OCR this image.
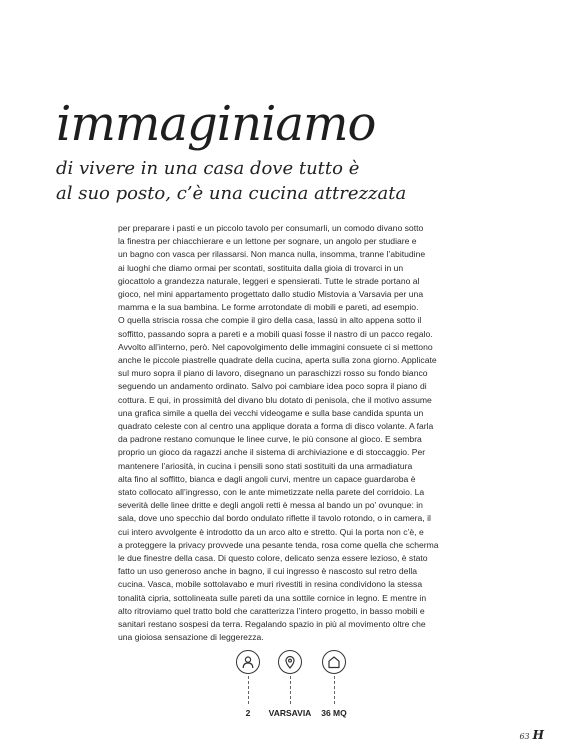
immaginiamo
di vivere in una casa dove tutto è
al suo posto, c’è una cucina attrezzata
per preparare i pasti e un piccolo tavolo per consumarli, un comodo divano sotto
la finestra per chiacchierare e un lettone per sognare, un angolo per studiare e
un bagno con vasca per rilassarsi. Non manca nulla, insomma, tranne l’abitudine
ai luoghi che diamo ormai per scontati, sostituita dalla gioia di trovarci in un
giocattolo a grandezza naturale, leggeri e spensierati. Tutte le strade portano al
gioco, nel mini appartamento progettato dallo studio Mistovia a Varsavia per una
mamma e la sua bambina. Le forme arrotondate di mobili e pareti, ad esempio.
O quella striscia rossa che compie il giro della casa, lassù in alto appena sotto il
soffitto, passando sopra a pareti e a mobili quasi fosse il nastro di un pacco regalo.
Avvolto all’interno, però. Nel capovolgimento delle immagini consuete ci si mettono
anche le piccole piastrelle quadrate della cucina, aperta sulla zona giorno. Applicate
sul muro sopra il piano di lavoro, disegnano un paraschizzi rosso su fondo bianco
seguendo un andamento ordinato. Salvo poi cambiare idea poco sopra il piano di
cottura. E qui, in prossimità del divano blu dotato di penisola, che il motivo assume
una grafica simile a quella dei vecchi videogame e sulla base candida spunta un
quadrato celeste con al centro una applique dorata a forma di disco volante. A farla
da padrone restano comunque le linee curve, le più consone al gioco. E sembra
proprio un gioco da ragazzi anche il sistema di archiviazione e di stoccaggio. Per
mantenere l’ariosità, in cucina i pensili sono stati sostituiti da una armadiatura
alta fino al soffitto, bianca e dagli angoli curvi, mentre un capace guardaroba è
stato collocato all’ingresso, con le ante mimetizzate nella parete del corridoio. La
severità delle linee dritte e degli angoli retti è messa al bando un po’ ovunque: in
sala, dove uno specchio dal bordo ondulato riflette il tavolo rotondo, o in camera, il
cui intero avvolgente è introdotto da un arco alto e stretto. Qui la porta non c’è, e
a proteggere la privacy provvede una pesante tenda, rosa come quella che scherma
le due finestre della casa. Di questo colore, delicato senza essere lezioso, è stato
fatto un uso generoso anche in bagno, il cui ingresso è nascosto sul retro della
cucina. Vasca, mobile sottolavabo e muri rivestiti in resina condividono la stessa
tonalità cipria, sottolineata sulle pareti da una sottile cornice in legno. E mentre in
alto ritroviamo quel tratto bold che caratterizza l’intero progetto, in basso mobili e
sanitari restano sospesi da terra. Regalando spazio in più al movimento oltre che
una gioiosa sensazione di leggerezza.
2	VARSAVIA	36 MQ
63 H
